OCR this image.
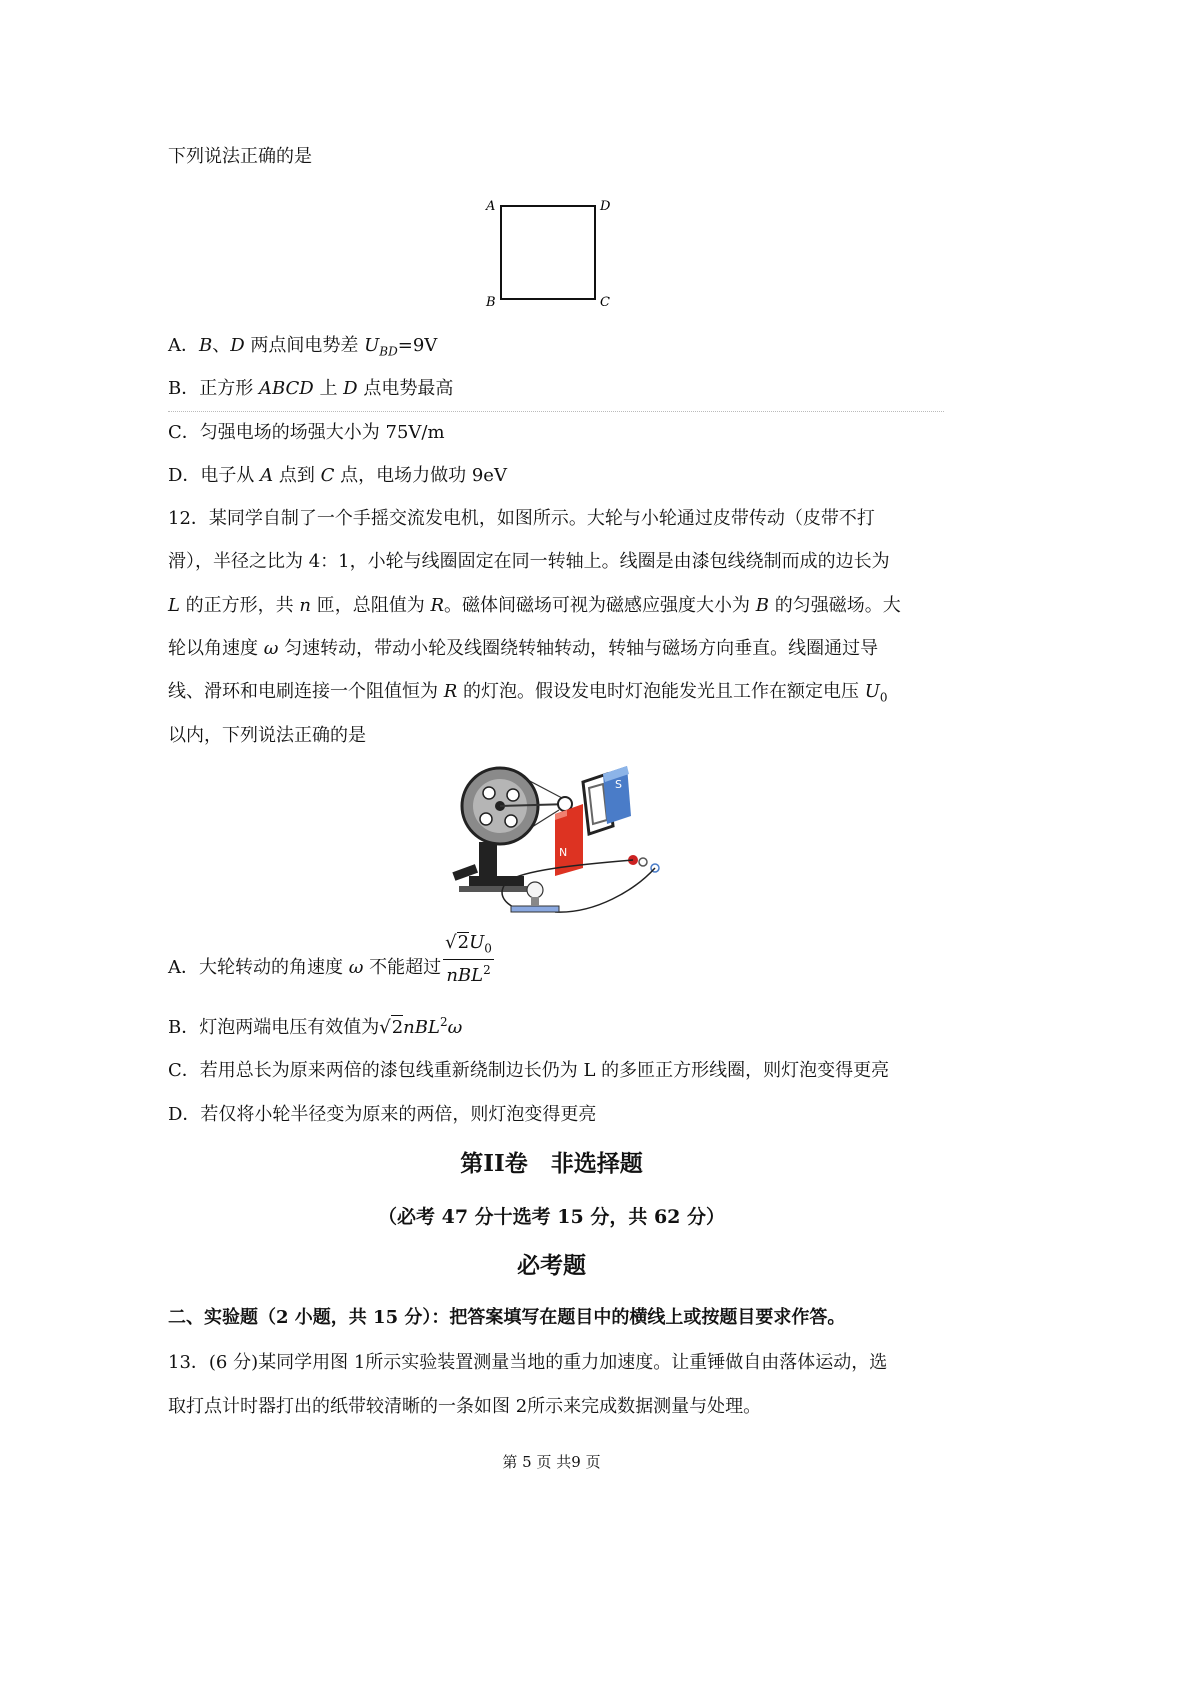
下列说法正确的是
A	D
B	C
A．B、D 两点间电势差 $U_{BD}=9V$
B．正方形 ABCD 上 D 点电势最高
C．匀强电场的场强大小为 75V/m
D．电子从 A 点到 C 点，电场力做功 9eV
12．某同学自制了一个手摇交流发电机，如图所示。大轮与小轮通过皮带传动（皮带不打
滑），半径之比为 4：1，小轮与线圈固定在同一转轴上。线圈是由漆包线绕制而成的边长为
L 的正方形，共 n 匝，总阻值为 R。磁体间磁场可视为磁感应强度大小为 B 的匀强磁场。大
轮以角速度 ω 匀速转动，带动小轮及线圈绕转轴转动，转轴与磁场方向垂直。线圈通过导
线、滑环和电刷连接一个阻值恒为 R 的灯泡。假设发电时灯泡能发光且工作在额定电压 $U_0$
以内，下列说法正确的是
N
S
A．大轮转动的角速度 ω 不能超过 $\frac{√2U_0}{nBL^2}$
B．灯泡两端电压有效值为√2nBL$^2$ω
C．若用总长为原来两倍的漆包线重新绕制边长仍为 L 的多匝正方形线圈，则灯泡变得更亮
D．若仅将小轮半径变为原来的两倍，则灯泡变得更亮
第II卷　非选择题
（必考 47 分十选考 15 分，共 62 分）
必考题
二、实验题（2 小题，共 15 分）：把答案填写在题目中的横线上或按题目要求作答。
13．(6 分)某同学用图 1所示实验装置测量当地的重力加速度。让重锤做自由落体运动，选
取打点计时器打出的纸带较清晰的一条如图 2所示来完成数据测量与处理。
第 5 页 共9 页
